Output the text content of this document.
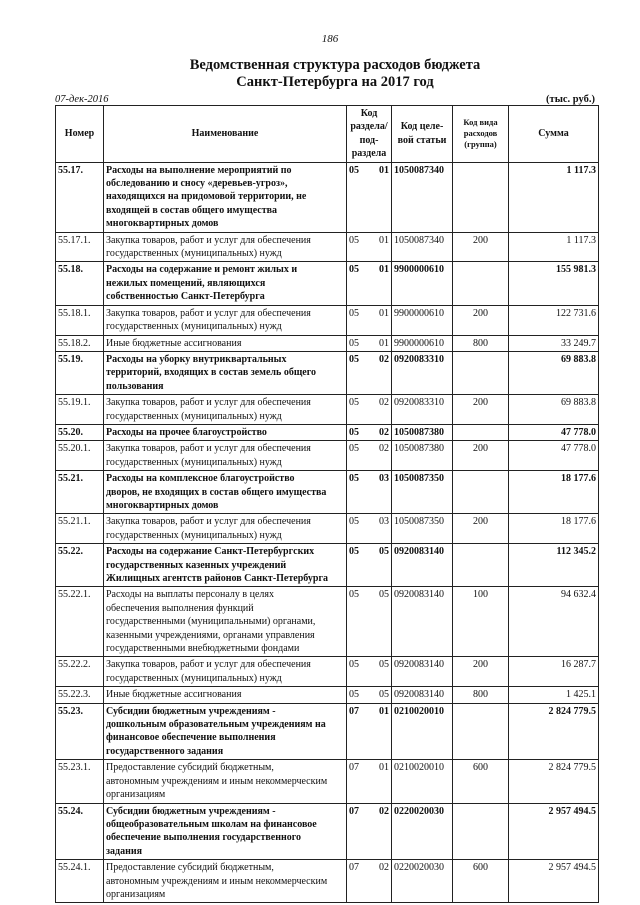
186
Ведомственная структура расходов бюджета
Санкт-Петербурга на 2017 год
07-дек-2016	(тыс. руб.)
Номер	Наименование	Код раздела/ под-раздела	Код целе-вой статьи	Код вида расходов (группа)	Сумма
55.17.	Расходы на выполнение мероприятий по
обследованию и сносу «деревьев-угроз»,
находящихся на придомовой территории, не
входящей в состав общего имущества
многоквартирных домов	05 01	1050087340		1 117.3
55.17.1.	Закупка товаров, работ и услуг для обеспечения
государственных (муниципальных) нужд	05 01	1050087340	200	1 117.3
55.18.	Расходы на содержание и ремонт жилых и
нежилых помещений, являющихся
собственностью Санкт-Петербурга	05 01	9900000610		155 981.3
55.18.1.	Закупка товаров, работ и услуг для обеспечения
государственных (муниципальных) нужд	05 01	9900000610	200	122 731.6
55.18.2.	Иные бюджетные ассигнования	05 01	9900000610	800	33 249.7
55.19.	Расходы на уборку внутриквартальных
территорий, входящих в состав земель общего
пользования	05 02	0920083310		69 883.8
55.19.1.	Закупка товаров, работ и услуг для обеспечения
государственных (муниципальных) нужд	05 02	0920083310	200	69 883.8
55.20.	Расходы на прочее благоустройство	05 02	1050087380		47 778.0
55.20.1.	Закупка товаров, работ и услуг для обеспечения
государственных (муниципальных) нужд	05 02	1050087380	200	47 778.0
55.21.	Расходы на комплексное благоустройство
дворов, не входящих в состав общего имущества
многоквартирных домов	05 03	1050087350		18 177.6
55.21.1.	Закупка товаров, работ и услуг для обеспечения
государственных (муниципальных) нужд	05 03	1050087350	200	18 177.6
55.22.	Расходы на содержание Санкт-Петербургских
государственных казенных учреждений
Жилищных агентств районов Санкт-Петербурга	05 05	0920083140		112 345.2
55.22.1.	Расходы на выплаты персоналу в целях
обеспечения выполнения функций
государственными (муниципальными) органами,
казенными учреждениями, органами управления
государственными внебюджетными фондами	05 05	0920083140	100	94 632.4
55.22.2.	Закупка товаров, работ и услуг для обеспечения
государственных (муниципальных) нужд	05 05	0920083140	200	16 287.7
55.22.3.	Иные бюджетные ассигнования	05 05	0920083140	800	1 425.1
55.23.	Субсидии бюджетным учреждениям -
дошкольным образовательным учреждениям на
финансовое обеспечение выполнения
государственного задания	07 01	0210020010		2 824 779.5
55.23.1.	Предоставление субсидий бюджетным,
автономным учреждениям и иным некоммерческим
организациям	07 01	0210020010	600	2 824 779.5
55.24.	Субсидии бюджетным учреждениям -
общеобразовательным школам на финансовое
обеспечение выполнения государственного
задания	07 02	0220020030		2 957 494.5
55.24.1.	Предоставление субсидий бюджетным,
автономным учреждениям и иным некоммерческим
организациям	07 02	0220020030	600	2 957 494.5
